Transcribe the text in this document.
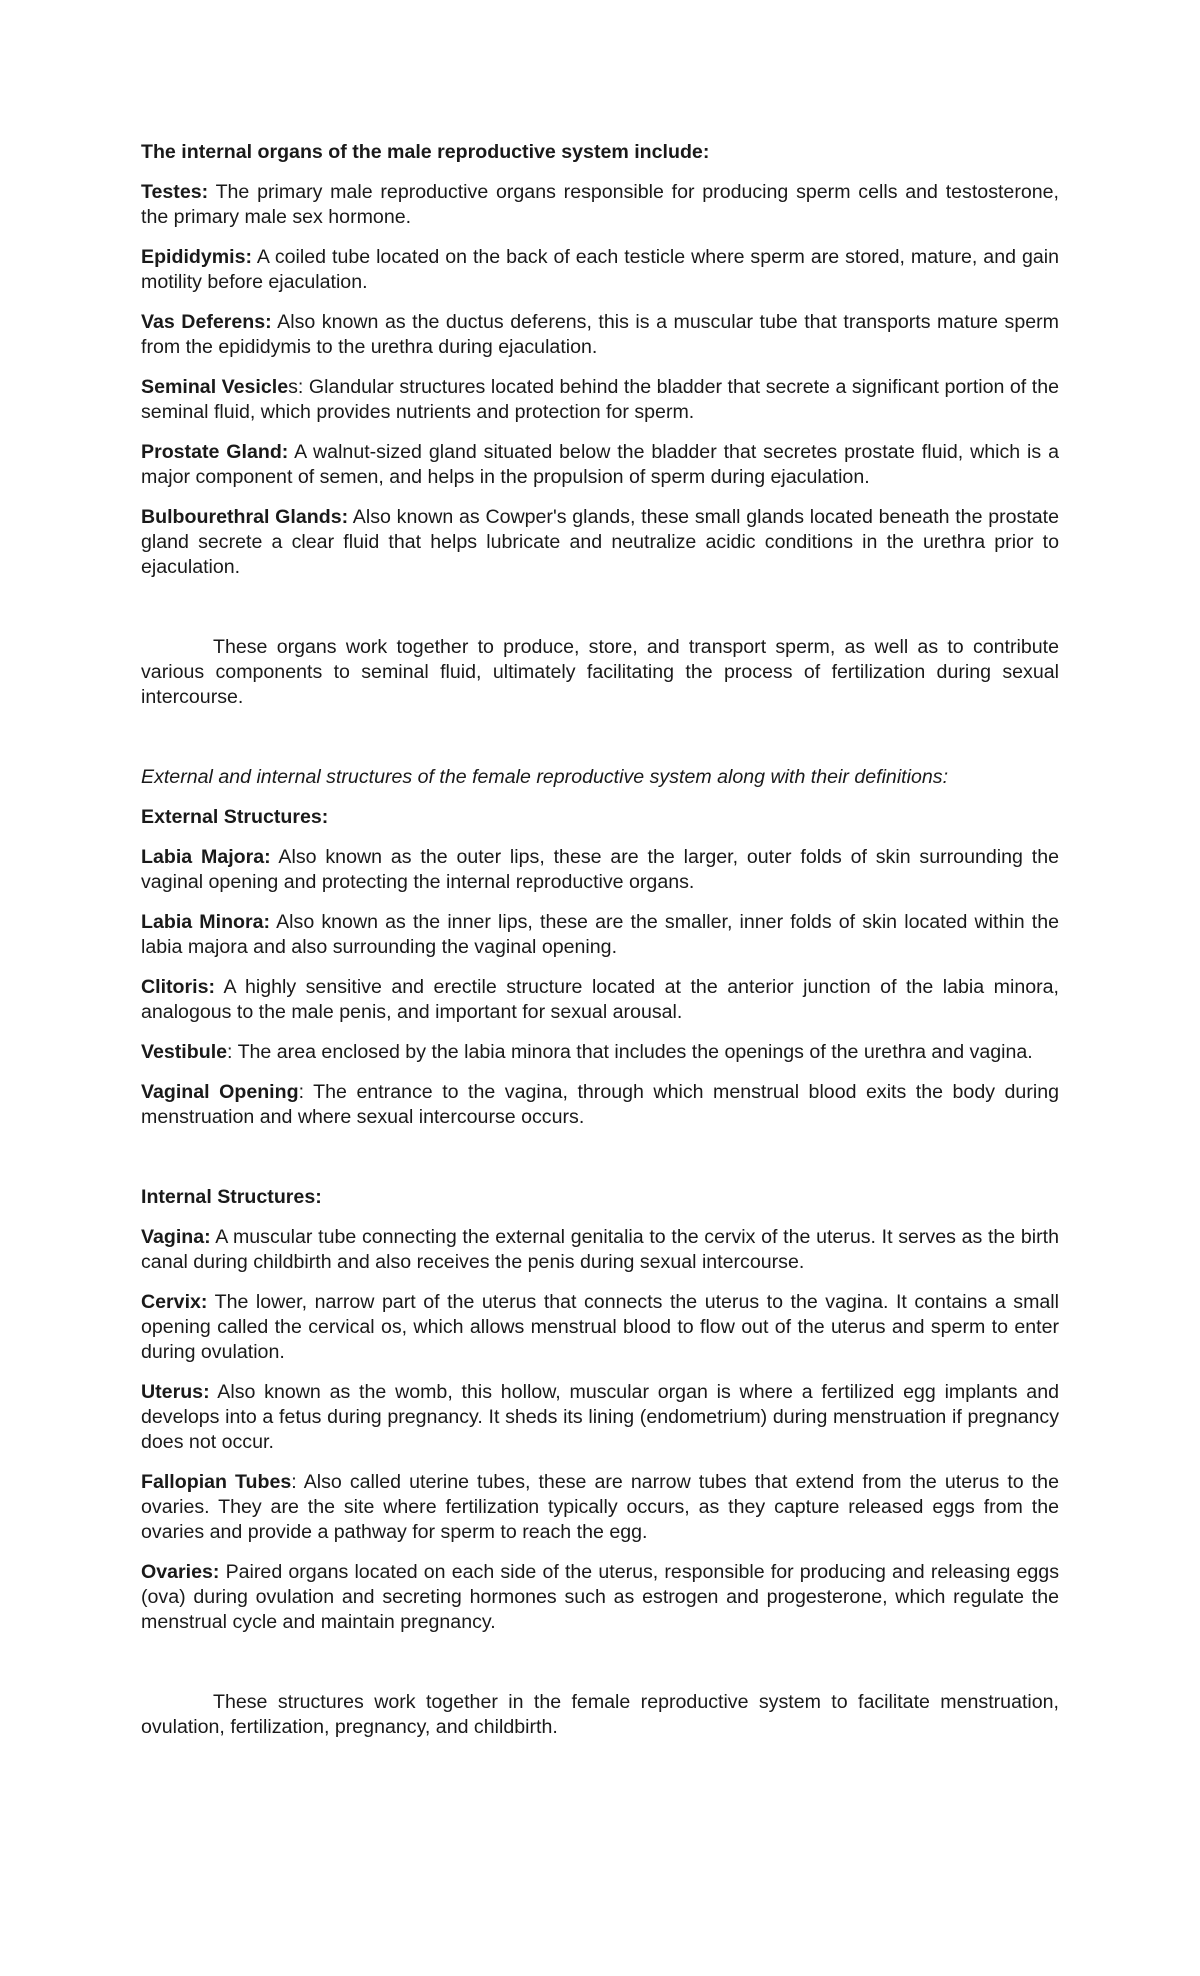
The internal organs of the male reproductive system include:

Testes: The primary male reproductive organs responsible for producing sperm cells and testosterone, the primary male sex hormone.

Epididymis: A coiled tube located on the back of each testicle where sperm are stored, mature, and gain motility before ejaculation.

Vas Deferens: Also known as the ductus deferens, this is a muscular tube that transports mature sperm from the epididymis to the urethra during ejaculation.

Seminal Vesicles: Glandular structures located behind the bladder that secrete a significant portion of the seminal fluid, which provides nutrients and protection for sperm.

Prostate Gland: A walnut-sized gland situated below the bladder that secretes prostate fluid, which is a major component of semen, and helps in the propulsion of sperm during ejaculation.

Bulbourethral Glands: Also known as Cowper's glands, these small glands located beneath the prostate gland secrete a clear fluid that helps lubricate and neutralize acidic conditions in the urethra prior to ejaculation.

These organs work together to produce, store, and transport sperm, as well as to contribute various components to seminal fluid, ultimately facilitating the process of fertilization during sexual intercourse.

External and internal structures of the female reproductive system along with their definitions:

External Structures:

Labia Majora: Also known as the outer lips, these are the larger, outer folds of skin surrounding the vaginal opening and protecting the internal reproductive organs.

Labia Minora: Also known as the inner lips, these are the smaller, inner folds of skin located within the labia majora and also surrounding the vaginal opening.

Clitoris: A highly sensitive and erectile structure located at the anterior junction of the labia minora, analogous to the male penis, and important for sexual arousal.

Vestibule: The area enclosed by the labia minora that includes the openings of the urethra and vagina.

Vaginal Opening: The entrance to the vagina, through which menstrual blood exits the body during menstruation and where sexual intercourse occurs.

Internal Structures:

Vagina: A muscular tube connecting the external genitalia to the cervix of the uterus. It serves as the birth canal during childbirth and also receives the penis during sexual intercourse.

Cervix: The lower, narrow part of the uterus that connects the uterus to the vagina. It contains a small opening called the cervical os, which allows menstrual blood to flow out of the uterus and sperm to enter during ovulation.

Uterus: Also known as the womb, this hollow, muscular organ is where a fertilized egg implants and develops into a fetus during pregnancy. It sheds its lining (endometrium) during menstruation if pregnancy does not occur.

Fallopian Tubes: Also called uterine tubes, these are narrow tubes that extend from the uterus to the ovaries. They are the site where fertilization typically occurs, as they capture released eggs from the ovaries and provide a pathway for sperm to reach the egg.

Ovaries: Paired organs located on each side of the uterus, responsible for producing and releasing eggs (ova) during ovulation and secreting hormones such as estrogen and progesterone, which regulate the menstrual cycle and maintain pregnancy.

These structures work together in the female reproductive system to facilitate menstruation, ovulation, fertilization, pregnancy, and childbirth.
